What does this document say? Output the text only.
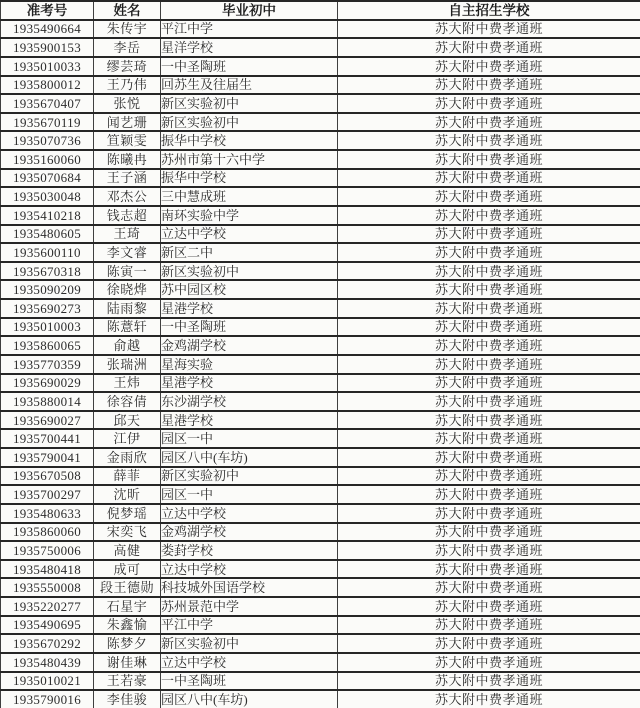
准考号	姓名	毕业初中	自主招生学校
1935490664	朱传宇	平江中学	苏大附中费孝通班
1935900153	李岳	星洋学校	苏大附中费孝通班
1935010033	缪芸琦	一中圣陶班	苏大附中费孝通班
1935800012	王乃伟	回苏生及往届生	苏大附中费孝通班
1935670407	张悦	新区实验初中	苏大附中费孝通班
1935670119	闻艺珊	新区实验初中	苏大附中费孝通班
1935070736	笪颖雯	振华中学校	苏大附中费孝通班
1935160060	陈曦冉	苏州市第十六中学	苏大附中费孝通班
1935070684	王子涵	振华中学校	苏大附中费孝通班
1935030048	邓杰公	三中慧成班	苏大附中费孝通班
1935410218	钱志超	南环实验中学	苏大附中费孝通班
1935480605	王琦	立达中学校	苏大附中费孝通班
1935600110	李文睿	新区二中	苏大附中费孝通班
1935670318	陈寅一	新区实验初中	苏大附中费孝通班
1935090209	徐晓烨	苏中园区校	苏大附中费孝通班
1935690273	陆雨黎	星港学校	苏大附中费孝通班
1935010003	陈薏轩	一中圣陶班	苏大附中费孝通班
1935860065	俞越	金鸡湖学校	苏大附中费孝通班
1935770359	张瑞洲	星海实验	苏大附中费孝通班
1935690029	王炜	星港学校	苏大附中费孝通班
1935880014	徐容倩	东沙湖学校	苏大附中费孝通班
1935690027	邱天	星港学校	苏大附中费孝通班
1935700441	江伊	园区一中	苏大附中费孝通班
1935790041	金雨欣	园区八中(车坊)	苏大附中费孝通班
1935670508	薛菲	新区实验初中	苏大附中费孝通班
1935700297	沈昕	园区一中	苏大附中费孝通班
1935480633	倪梦瑶	立达中学校	苏大附中费孝通班
1935860060	宋奕飞	金鸡湖学校	苏大附中费孝通班
1935750006	高健	娄葑学校	苏大附中费孝通班
1935480418	成可	立达中学校	苏大附中费孝通班
1935550008	段王德勋	科技城外国语学校	苏大附中费孝通班
1935220277	石星宇	苏州景范中学	苏大附中费孝通班
1935490695	朱鑫愉	平江中学	苏大附中费孝通班
1935670292	陈梦夕	新区实验初中	苏大附中费孝通班
1935480439	谢佳琳	立达中学校	苏大附中费孝通班
1935010021	王若豪	一中圣陶班	苏大附中费孝通班
1935790016	李佳骏	园区八中(车坊)	苏大附中费孝通班
